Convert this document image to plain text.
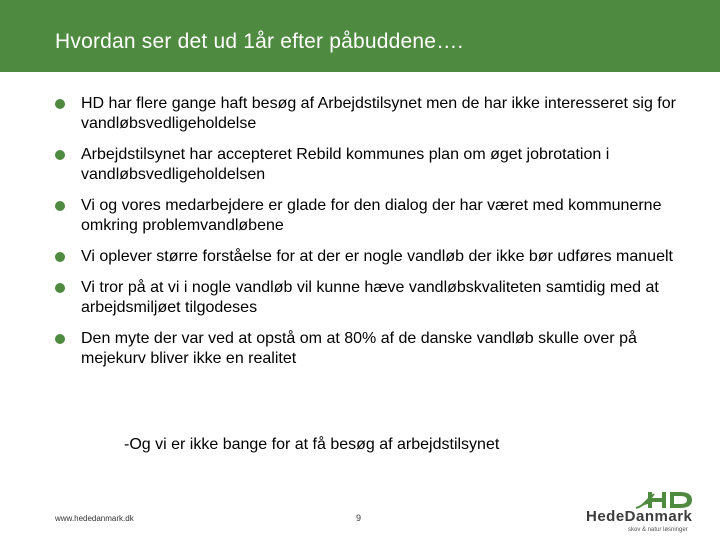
Hvordan ser det ud 1år efter påbuddene….
HD har flere gange haft besøg af Arbejdstilsynet men de har ikke interesseret sig for vandløbsvedligeholdelse
Arbejdstilsynet har accepteret Rebild kommunes plan om øget jobrotation i vandløbsvedligeholdelsen
Vi og vores medarbejdere er glade for den dialog der har været med kommunerne omkring problemvandløbene
Vi oplever større forståelse for at der er nogle vandløb der ikke bør udføres manuelt
Vi tror på at vi i nogle vandløb vil kunne hæve vandløbskvaliteten samtidig med at arbejdsmiljøet tilgodeses
Den myte der var ved at opstå om at 80% af de danske vandløb skulle over på mejekurv bliver ikke en realitet
-Og vi er ikke bange for at få besøg af arbejdstilsynet
www.hededanmark.dk	9	HedeDanmark
skov & natur løsninger
